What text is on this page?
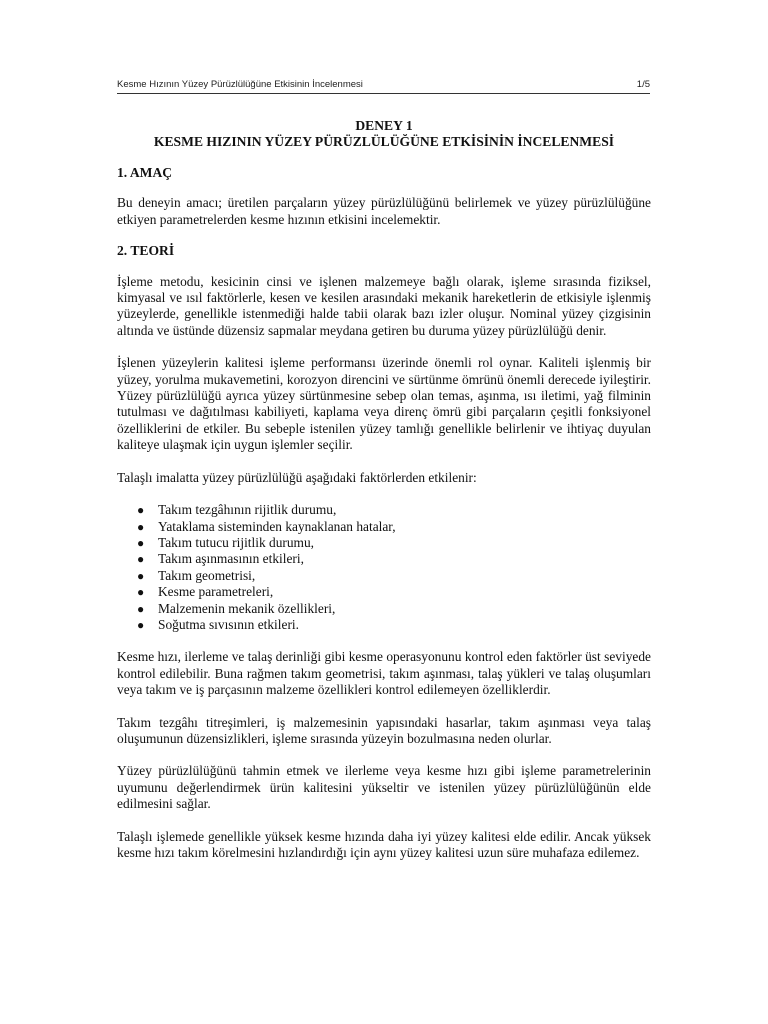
Kesme Hızının Yüzey Pürüzlülüğüne Etkisinin İncelenmesi	1/5
DENEY 1
KESME HIZININ YÜZEY PÜRÜZLÜLÜĞÜNE ETKİSİNİN İNCELENMESİ
1. AMAÇ

Bu deneyin amacı; üretilen parçaların yüzey pürüzlülüğünü belirlemek ve yüzey pürüzlülüğüne etkiyen parametrelerden kesme hızının etkisini incelemektir.

2. TEORİ

İşleme metodu, kesicinin cinsi ve işlenen malzemeye bağlı olarak, işleme sırasında fiziksel, kimyasal ve ısıl faktörlerle, kesen ve kesilen arasındaki mekanik hareketlerin de etkisiyle işlenmiş yüzeylerde, genellikle istenmediği halde tabii olarak bazı izler oluşur. Nominal yüzey çizgisinin altında ve üstünde düzensiz sapmalar meydana getiren bu duruma yüzey pürüzlülüğü denir.

İşlenen yüzeylerin kalitesi işleme performansı üzerinde önemli rol oynar. Kaliteli işlenmiş bir yüzey, yorulma mukavemetini, korozyon direncini ve sürtünme ömrünü önemli derecede iyileştirir. Yüzey pürüzlülüğü ayrıca yüzey sürtünmesine sebep olan temas, aşınma, ısı iletimi, yağ filminin tutulması ve dağıtılması kabiliyeti, kaplama veya direnç ömrü gibi parçaların çeşitli fonksiyonel özelliklerini de etkiler. Bu sebeple istenilen yüzey tamlığı genellikle belirlenir ve ihtiyaç duyulan kaliteye ulaşmak için uygun işlemler seçilir.

Talaşlı imalatta yüzey pürüzlülüğü aşağıdaki faktörlerden etkilenir:

● Takım tezgâhının rijitlik durumu,
● Yataklama sisteminden kaynaklanan hatalar,
● Takım tutucu rijitlik durumu,
● Takım aşınmasının etkileri,
● Takım geometrisi,
● Kesme parametreleri,
● Malzemenin mekanik özellikleri,
● Soğutma sıvısının etkileri.

Kesme hızı, ilerleme ve talaş derinliği gibi kesme operasyonunu kontrol eden faktörler üst seviyede kontrol edilebilir. Buna rağmen takım geometrisi, takım aşınması, talaş yükleri ve talaş oluşumları veya takım ve iş parçasının malzeme özellikleri kontrol edilemeyen özelliklerdir.

Takım tezgâhı titreşimleri, iş malzemesinin yapısındaki hasarlar, takım aşınması veya talaş oluşumunun düzensizlikleri, işleme sırasında yüzeyin bozulmasına neden olurlar.

Yüzey pürüzlülüğünü tahmin etmek ve ilerleme veya kesme hızı gibi işleme parametrelerinin uyumunu değerlendirmek ürün kalitesini yükseltir ve istenilen yüzey pürüzlülüğünün elde edilmesini sağlar.

Talaşlı işlemede genellikle yüksek kesme hızında daha iyi yüzey kalitesi elde edilir. Ancak yüksek kesme hızı takım körelmesini hızlandırdığı için aynı yüzey kalitesi uzun süre muhafaza edilemez.
